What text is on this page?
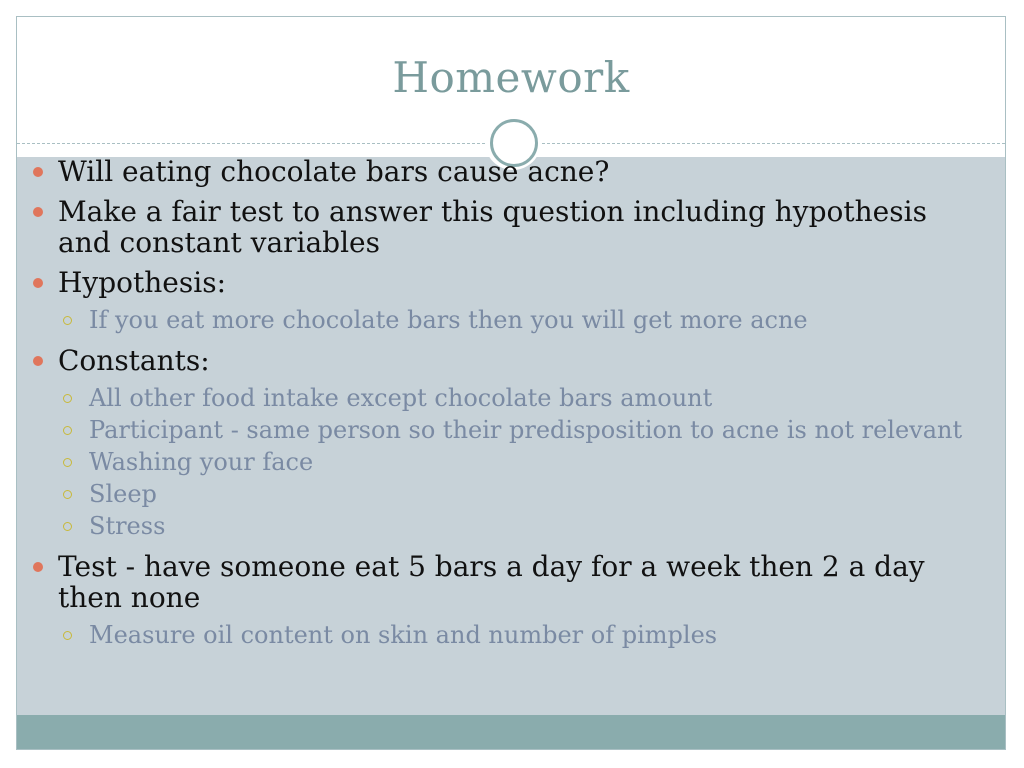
Homework
Will eating chocolate bars cause acne?
Make a fair test to answer this question including hypothesis and constant variables
Hypothesis:
If you eat more chocolate bars then you will get more acne
Constants:
All other food intake except chocolate bars amount
Participant - same person so their predisposition to acne is not relevant
Washing your face
Sleep
Stress
Test - have someone eat 5 bars a day for a week then 2 a day then none
Measure oil content on skin and number of pimples
